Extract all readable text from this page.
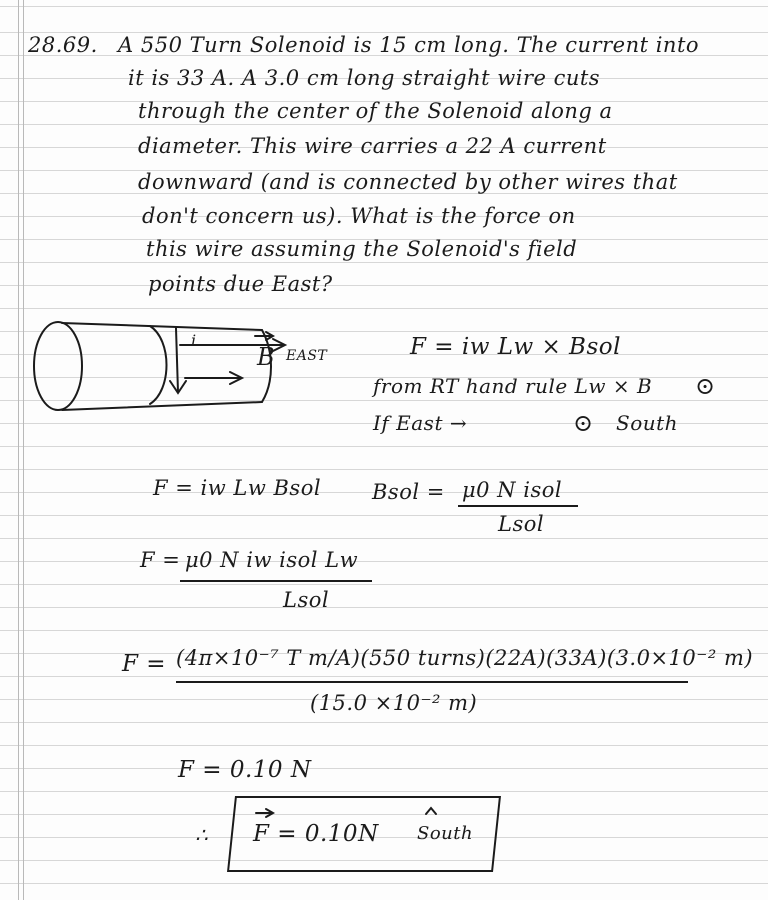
28.69. A 550 Turn Solenoid is 15 cm long. The current into
it is 33 A. A 3.0 cm long straight wire cuts
through the center of the Solenoid along a
diameter. This wire carries a 22 A current
downward (and is connected by other wires that
don't concern us). What is the force on
this wire assuming the Solenoid's field
points due East?
i
B EAST	F = iw Lw × Bsol
from RT hand rule Lw × B ⊙
If East →	⊙ South
F = iw Lw Bsol Bsol = μ0 N isol
Lsol
F = μ0 N iw isol Lw
Lsol
F = (4π×10⁻⁷ T m/A)(550 turns)(22A)(33A)(3.0×10⁻² m)
(15.0 ×10⁻² m)
F = 0.10 N
∴ F = 0.10N South
